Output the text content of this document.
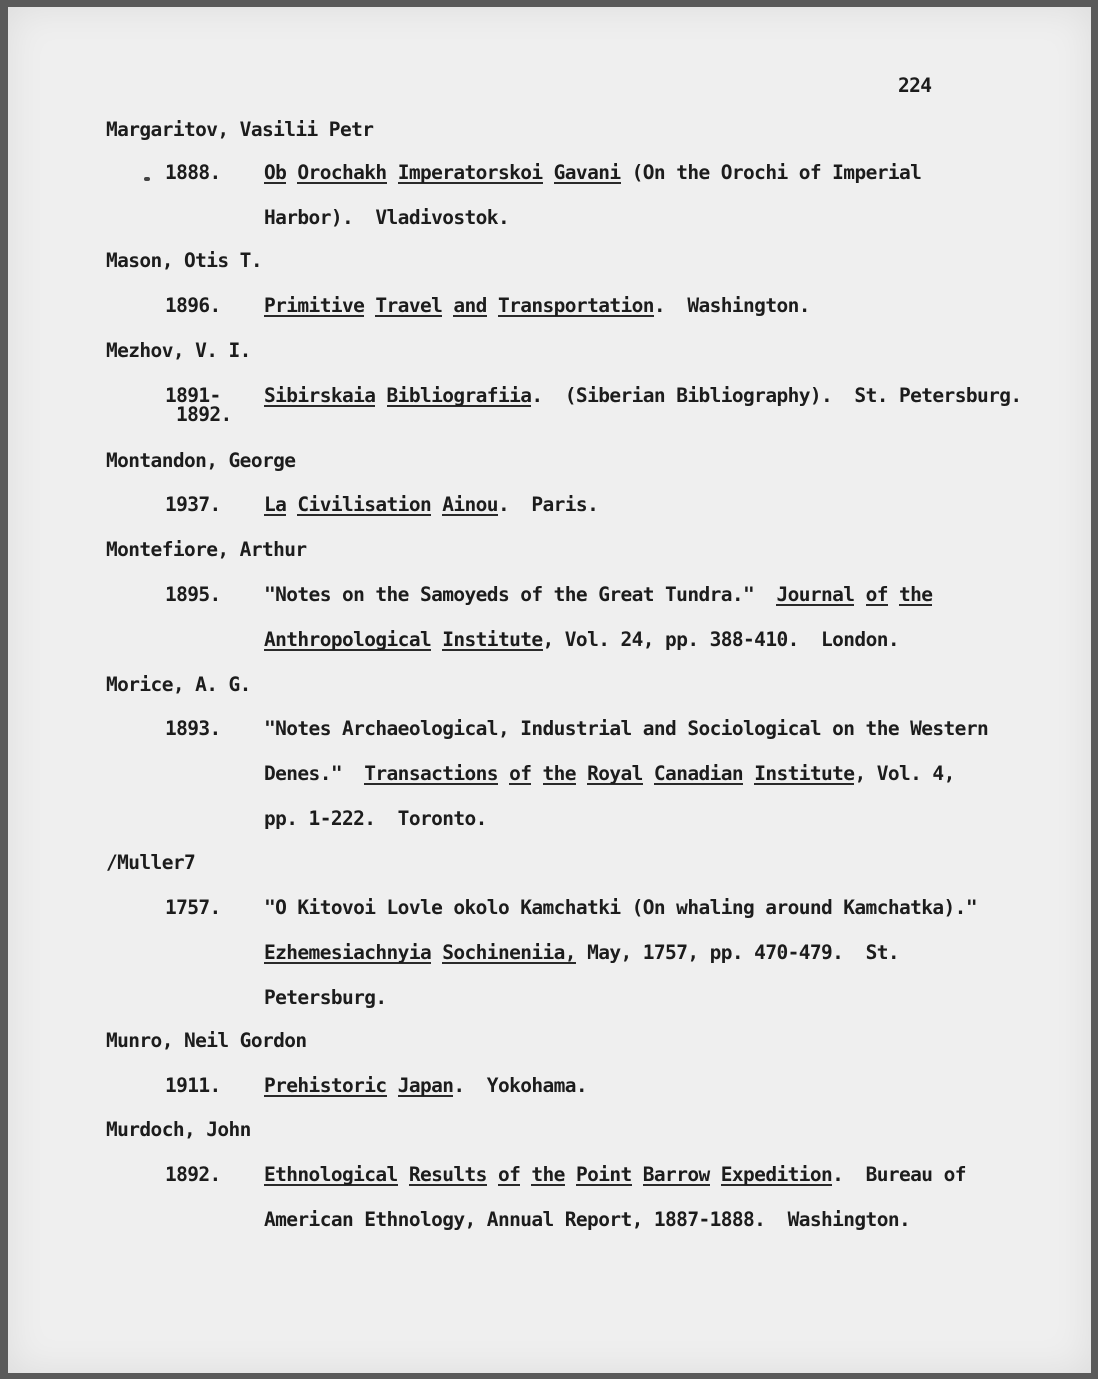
224
Margaritov, Vasilii Petr
1888. Ob Orochakh Imperatorskoi Gavani (On the Orochi of Imperial
Harbor).  Vladivostok.
Mason, Otis T.
1896. Primitive Travel and Transportation.  Washington.
Mezhov, V. I.
1891-
1892.
Sibirskaia Bibliografiia.  (Siberian Bibliography).  St. Petersburg.
Montandon, George
1937. La Civilisation Ainou.  Paris.
Montefiore, Arthur
1895. "Notes on the Samoyeds of the Great Tundra."  Journal of the
Anthropological Institute, Vol. 24, pp. 388-410.  London.
Morice, A. G.
1893. "Notes Archaeological, Industrial and Sociological on the Western
Denes."  Transactions of the Royal Canadian Institute, Vol. 4,
pp. 1-222.  Toronto.
/Muller7
1757. "O Kitovoi Lovle okolo Kamchatki (On whaling around Kamchatka)."
Ezhemesiachnyia Sochineniia, May, 1757, pp. 470-479.  St.
Petersburg.
Munro, Neil Gordon
1911. Prehistoric Japan.  Yokohama.
Murdoch, John
1892. Ethnological Results of the Point Barrow Expedition.  Bureau of
American Ethnology, Annual Report, 1887-1888.  Washington.
